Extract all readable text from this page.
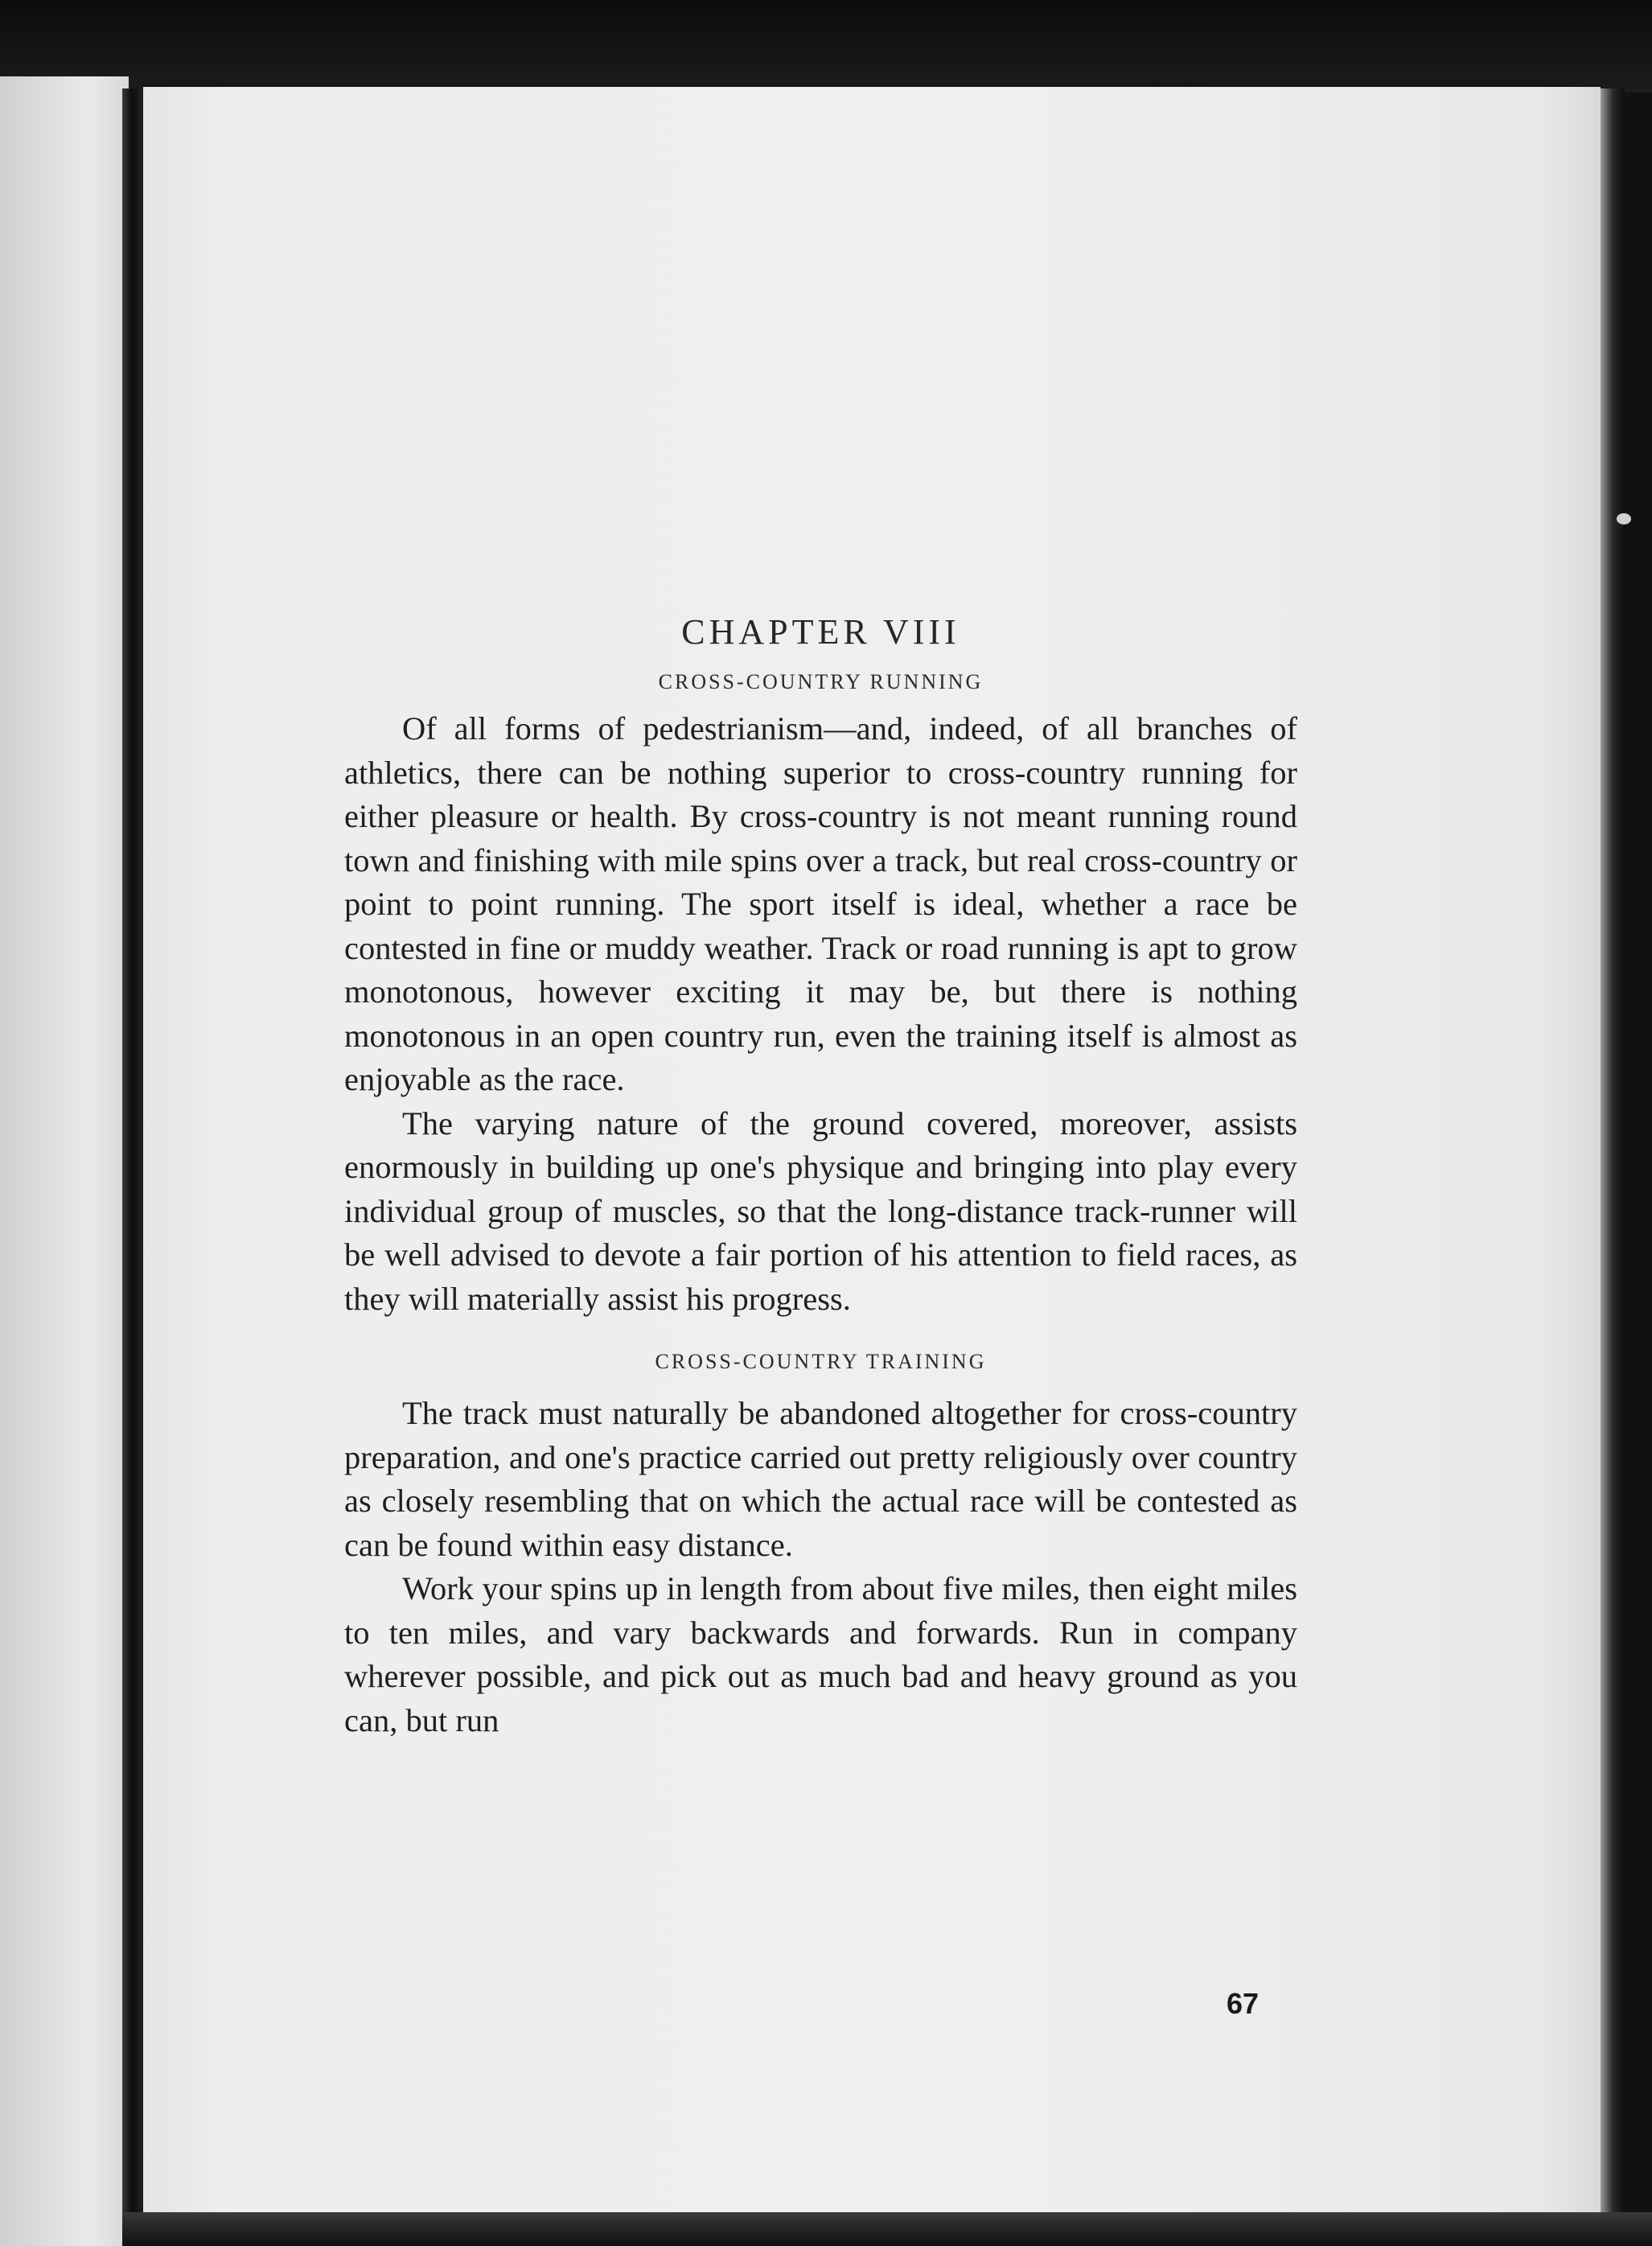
CHAPTER VIII
CROSS-COUNTRY RUNNING

Of all forms of pedestrianism—and, indeed, of all branches of athletics, there can be nothing superior to cross-country running for either pleasure or health. By cross-country is not meant running round town and finishing with mile spins over a track, but real cross-country or point to point running. The sport itself is ideal, whether a race be contested in fine or muddy weather. Track or road running is apt to grow monotonous, however exciting it may be, but there is nothing monotonous in an open country run, even the training itself is almost as enjoyable as the race.

The varying nature of the ground covered, moreover, assists enormously in building up one's physique and bringing into play every individual group of muscles, so that the long-distance track-runner will be well advised to devote a fair portion of his attention to field races, as they will materially assist his progress.

CROSS-COUNTRY TRAINING

The track must naturally be abandoned altogether for cross-country preparation, and one's practice carried out pretty religiously over country as closely resembling that on which the actual race will be contested as can be found within easy distance.

Work your spins up in length from about five miles, then eight miles to ten miles, and vary backwards and forwards. Run in company wherever possible, and pick out as much bad and heavy ground as you can, but run

67
